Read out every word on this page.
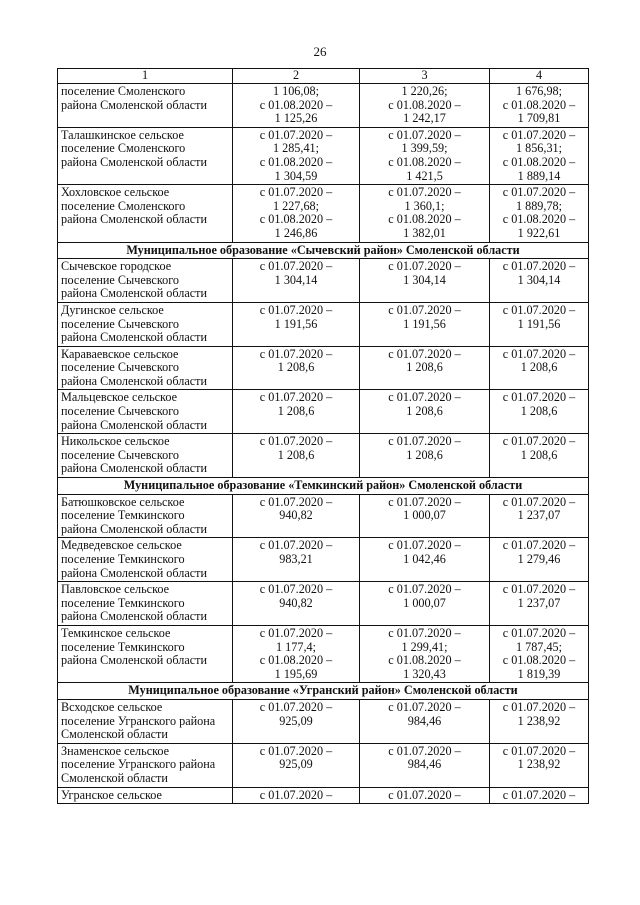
26
1	2	3	4

поселение Смоленского
района Смоленской области	1 106,08;
с 01.08.2020 –
1 125,26	1 220,26;
с 01.08.2020 –
1 242,17	1 676,98;
с 01.08.2020 –
1 709,81

Талашкинское сельское
поселение Смоленского
района Смоленской области	с 01.07.2020 –
1 285,41;
с 01.08.2020 –
1 304,59	с 01.07.2020 –
1 399,59;
с 01.08.2020 –
1 421,5	с 01.07.2020 –
1 856,31;
с 01.08.2020 –
1 889,14

Хохловское сельское
поселение Смоленского
района Смоленской области	с 01.07.2020 –
1 227,68;
с 01.08.2020 –
1 246,86	с 01.07.2020 –
1 360,1;
с 01.08.2020 –
1 382,01	с 01.07.2020 –
1 889,78;
с 01.08.2020 –
1 922,61

Муниципальное образование «Сычевский район» Смоленской области			

Сычевское городское
поселение Сычевского
района Смоленской области	с 01.07.2020 –
1 304,14	с 01.07.2020 –
1 304,14	с 01.07.2020 –
1 304,14

Дугинское сельское
поселение Сычевского
района Смоленской области	с 01.07.2020 –
1 191,56	с 01.07.2020 –
1 191,56	с 01.07.2020 –
1 191,56

Караваевское сельское
поселение Сычевского
района Смоленской области	с 01.07.2020 –
1 208,6	с 01.07.2020 –
1 208,6	с 01.07.2020 –
1 208,6

Мальцевское сельское
поселение Сычевского
района Смоленской области	с 01.07.2020 –
1 208,6	с 01.07.2020 –
1 208,6	с 01.07.2020 –
1 208,6

Никольское сельское
поселение Сычевского
района Смоленской области	с 01.07.2020 –
1 208,6	с 01.07.2020 –
1 208,6	с 01.07.2020 –
1 208,6

Муниципальное образование «Темкинский район» Смоленской области			

Батюшковское сельское
поселение Темкинского
района Смоленской области	с 01.07.2020 –
940,82	с 01.07.2020 –
1 000,07	с 01.07.2020 –
1 237,07

Медведевское сельское
поселение Темкинского
района Смоленской области	с 01.07.2020 –
983,21	с 01.07.2020 –
1 042,46	с 01.07.2020 –
1 279,46

Павловское сельское
поселение Темкинского
района Смоленской области	с 01.07.2020 –
940,82	с 01.07.2020 –
1 000,07	с 01.07.2020 –
1 237,07

Темкинское сельское
поселение Темкинского
района Смоленской области	с 01.07.2020 –
1 177,4;
с 01.08.2020 –
1 195,69	с 01.07.2020 –
1 299,41;
с 01.08.2020 –
1 320,43	с 01.07.2020 –
1 787,45;
с 01.08.2020 –
1 819,39

Муниципальное образование «Угранский район» Смоленской области			

Всходское сельское
поселение Угранского района
Смоленской области	с 01.07.2020 –
925,09	с 01.07.2020 –
984,46	с 01.07.2020 –
1 238,92

Знаменское сельское
поселение Угранского района
Смоленской области	с 01.07.2020 –
925,09	с 01.07.2020 –
984,46	с 01.07.2020 –
1 238,92

Угранское сельское	с 01.07.2020 –	с 01.07.2020 –	с 01.07.2020 –
